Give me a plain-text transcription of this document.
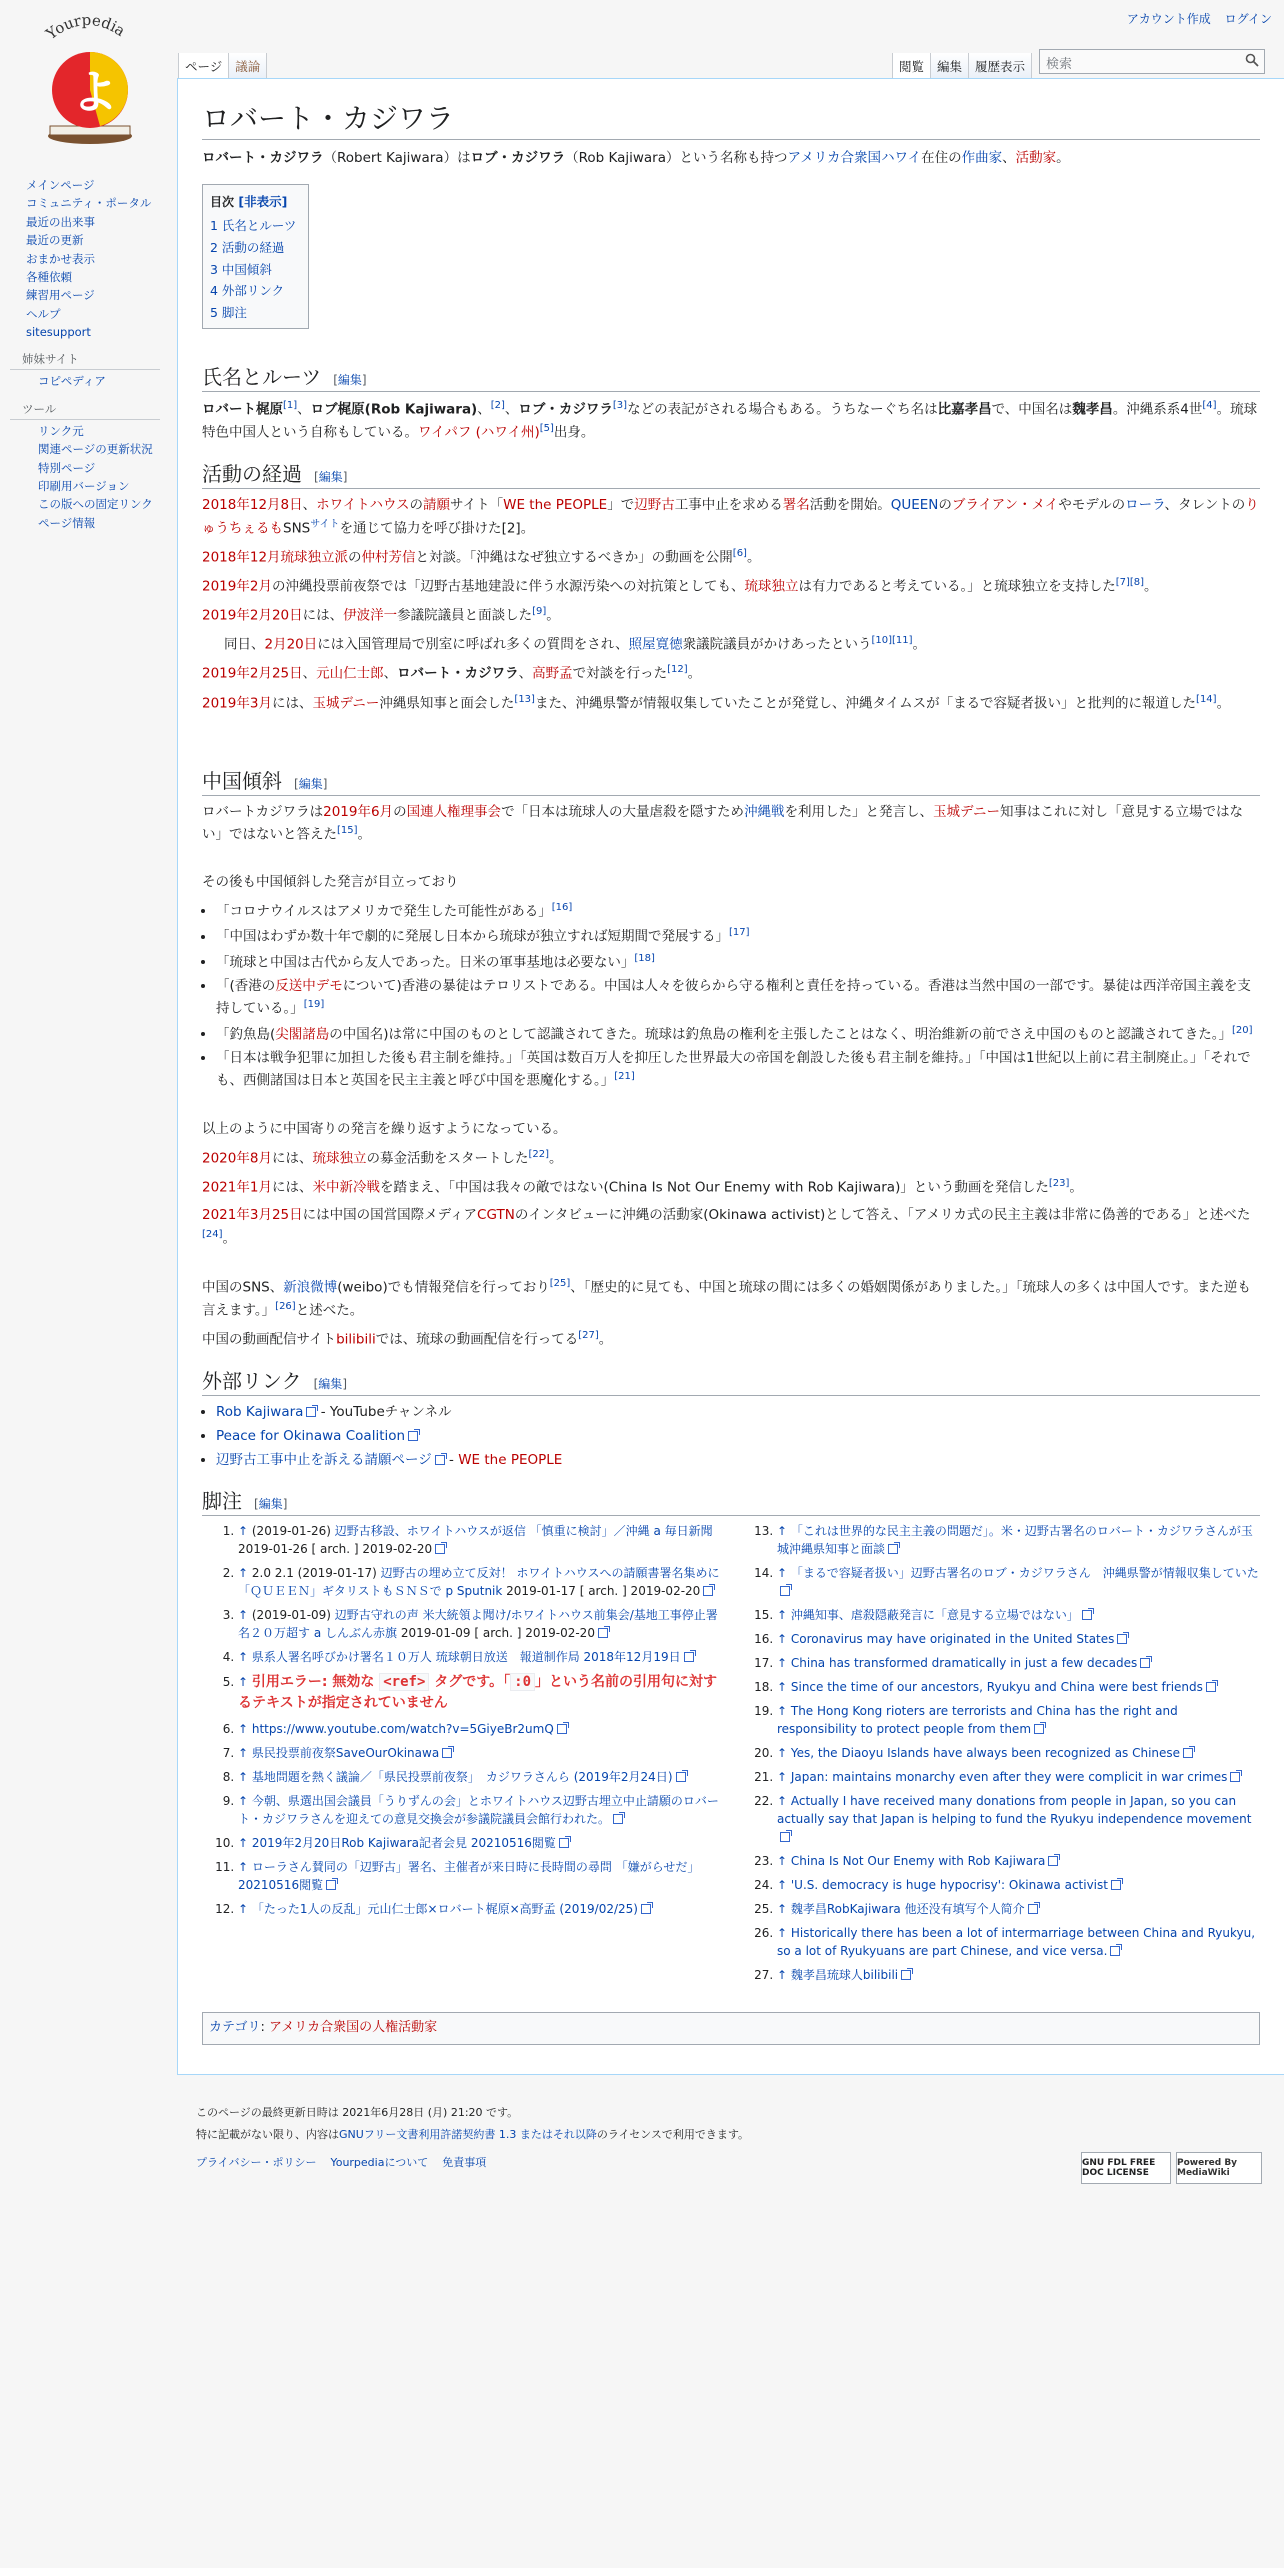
Yourpedia
よ
アカウント作成 ログイン
ページ	議論	閲覧	編集	履歴表示	検索
メインページ
コミュニティ・ポータル
最近の出来事
最近の更新
おまかせ表示
各種依頼
練習用ページ
ヘルプ
sitesupport
姉妹サイト
コピペディア
ツール
リンク元
関連ページの更新状況
特別ページ
印刷用バージョン
この版への固定リンク
ページ情報
ロバート・カジワラ

ロバート・カジワラ（Robert Kajiwara）はロブ・カジワラ（Rob Kajiwara）という名称も持つアメリカ合衆国ハワイ在住の作曲家、活動家。

目次 [非表示]
1 氏名とルーツ
2 活動の経過
3 中国傾斜
4 外部リンク
5 脚注
氏名とルーツ [編集]

ロバート梶原[1]、ロブ梶原(Rob Kajiwara)、[2]、ロブ・カジワラ[3]などの表記がされる場合もある。うちなーぐち名は比嘉孝昌で、中国名は魏孝昌。沖縄系系4世[4]。琉球特色中国人という自称もしている。ワイパフ (ハワイ州)[5]出身。

活動の経過 [編集]

2018年12月8日、ホワイトハウスの請願サイト「WE the PEOPLE」で辺野古工事中止を求める署名活動を開始。QUEENのブライアン・メイやモデルのローラ、タレントのりゅうちぇるも$SNS^{サイト}$を通じて協力を呼び掛けた[2]。

2018年12月琉球独立派の仲村芳信と対談。「沖縄はなぜ独立するべきか」の動画を公開[6]。

2019年2月の沖縄投票前夜祭では「辺野古基地建設に伴う水源汚染への対抗策としても、琉球独立は有力であると考えている。」と琉球独立を支持した[7][8]。

2019年2月20日には、伊波洋一参議院議員と面談した[9]。

同日、2月20日には入国管理局で別室に呼ばれ多くの質問をされ、照屋寛徳衆議院議員がかけあったという[10][11]。

2019年2月25日、元山仁士郎、ロバート・カジワラ、高野孟で対談を行った[12]。

2019年3月には、玉城デニー沖縄県知事と面会した[13]また、沖縄県警が情報収集していたことが発覚し、沖縄タイムスが「まるで容疑者扱い」と批判的に報道した[14]。

中国傾斜 [編集]

ロバートカジワラは2019年6月の国連人権理事会で「日本は琉球人の大量虐殺を隠すため沖縄戦を利用した」と発言し、玉城デニー知事はこれに対し「意見する立場ではない」ではないと答えた[15]。

その後も中国傾斜した発言が目立っており

• 「コロナウイルスはアメリカで発生した可能性がある」[16]
• 「中国はわずか数十年で劇的に発展し日本から琉球が独立すれば短期間で発展する」[17]
• 「琉球と中国は古代から友人であった。日米の軍事基地は必要ない」[18]
• 「(香港の反送中デモについて)香港の暴徒はテロリストである。中国は人々を彼らから守る権利と責任を持っている。香港は当然中国の一部です。暴徒は西洋帝国主義を支持している。」[19]
• 「釣魚島(尖閣諸島の中国名)は常に中国のものとして認識されてきた。琉球は釣魚島の権利を主張したことはなく、明治維新の前でさえ中国のものと認識されてきた。」[20]
• 「日本は戦争犯罪に加担した後も君主制を維持。」「英国は数百万人を抑圧した世界最大の帝国を創設した後も君主制を維持。」「中国は1世紀以上前に君主制廃止。」「それでも、西側諸国は日本と英国を民主主義と呼び中国を悪魔化する。」[21]

以上のように中国寄りの発言を繰り返すようになっている。

2020年8月には、琉球独立の募金活動をスタートした[22]。

2021年1月には、米中新冷戦を踏まえ、「中国は我々の敵ではない(China Is Not Our Enemy with Rob Kajiwara)」という動画を発信した[23]。

2021年3月25日には中国の国営国際メディアCGTNのインタビューに沖縄の活動家(Okinawa activist)として答え、「アメリカ式の民主主義は非常に偽善的である」と述べた[24]。

中国のSNS、新浪微博(weibo)でも情報発信を行っており[25]、「歴史的に見ても、中国と琉球の間には多くの婚姻関係がありました。」「琉球人の多くは中国人です。また逆も言えます。」[26]と述べた。

中国の動画配信サイトbilibiliでは、琉球の動画配信を行ってる[27]。

外部リンク [編集]
• Rob Kajiwara - YouTubeチャンネル
• Peace for Okinawa Coalition
• 辺野古工事中止を訴える請願ページ - WE the PEOPLE
脚注 [編集]
1. ↑ (2019-01-26) 辺野古移設、ホワイトハウスが返信 「慎重に検討」／沖縄 a 毎日新聞 2019-01-26 [ arch. ] 2019-02-20
2. ↑ 2.0 2.1 (2019-01-17) 辺野古の埋め立て反対！ ホワイトハウスへの請願書署名集めに「ＱＵＥＥＮ」ギタリストもＳＮＳで p Sputnik 2019-01-17 [ arch. ] 2019-02-20
3. ↑ (2019-01-09) 辺野古守れの声 米大統領よ聞け/ホワイトハウス前集会/基地工事停止署名２０万超す a しんぶん赤旗 2019-01-09 [ arch. ] 2019-02-20
4. ↑ 県系人署名呼びかけ署名１０万人 琉球朝日放送　報道制作局 2018年12月19日
5. ↑ 引用エラー: 無効な <ref> タグです。「 :0 」という名前の引用句に対するテキストが指定されていません
6. ↑ https://www.youtube.com/watch?v=5GiyeBr2umQ
7. ↑ 県民投票前夜祭SaveOurOkinawa
8. ↑ 基地問題を熱く議論／「県民投票前夜祭」　カジワラさんら (2019年2月24日)
9. ↑ 今朝、県選出国会議員「うりずんの会」とホワイトハウス辺野古埋立中止請願のロバート・カジワラさんを迎えての意見交換会が参議院議員会館行われた。
10. ↑ 2019年2月20日Rob Kajiwara記者会見 20210516閲覧
11. ↑ ローラさん賛同の「辺野古」署名、主催者が来日時に長時間の尋問 「嫌がらせだ」 20210516閲覧
12. ↑ 「たった1人の反乱」元山仁士郎×ロバート梶原×高野孟 (2019/02/25)
13. ↑ 「これは世界的な民主主義の問題だ」。米・辺野古署名のロバート・カジワラさんが玉城沖縄県知事と面談
14. ↑ 「まるで容疑者扱い」辺野古署名のロブ・カジワラさん　沖縄県警が情報収集していた
15. ↑ 沖縄知事、虐殺隠蔽発言に「意見する立場ではない」
16. ↑ Coronavirus may have originated in the United States
17. ↑ China has transformed dramatically in just a few decades
18. ↑ Since the time of our ancestors, Ryukyu and China were best friends
19. ↑ The Hong Kong rioters are terrorists and China has the right and responsibility to protect people from them
20. ↑ Yes, the Diaoyu Islands have always been recognized as Chinese
21. ↑ Japan: maintains monarchy even after they were complicit in war crimes
22. ↑ Actually I have received many donations from people in Japan, so you can actually say that Japan is helping to fund the Ryukyu independence movement
23. ↑ China Is Not Our Enemy with Rob Kajiwara
24. ↑ 'U.S. democracy is huge hypocrisy': Okinawa activist
25. ↑ 魏孝昌RobKajiwara 他还没有填写个人简介
26. ↑ Historically there has been a lot of intermarriage between China and Ryukyu, so a lot of Ryukyuans are part Chinese, and vice versa.
27. ↑ 魏孝昌琉球人bilibili
カテゴリ: アメリカ合衆国の人権活動家

このページの最終更新日時は 2021年6月28日 (月) 21:20 です。

特に記載がない限り、内容はGNUフリー文書利用許諾契約書 1.3 またはそれ以降のライセンスで利用できます。

プライバシー・ポリシー Yourpediaについて 免責事項	GNU FDL FREE DOC LICENSE
Powered By MediaWiki
